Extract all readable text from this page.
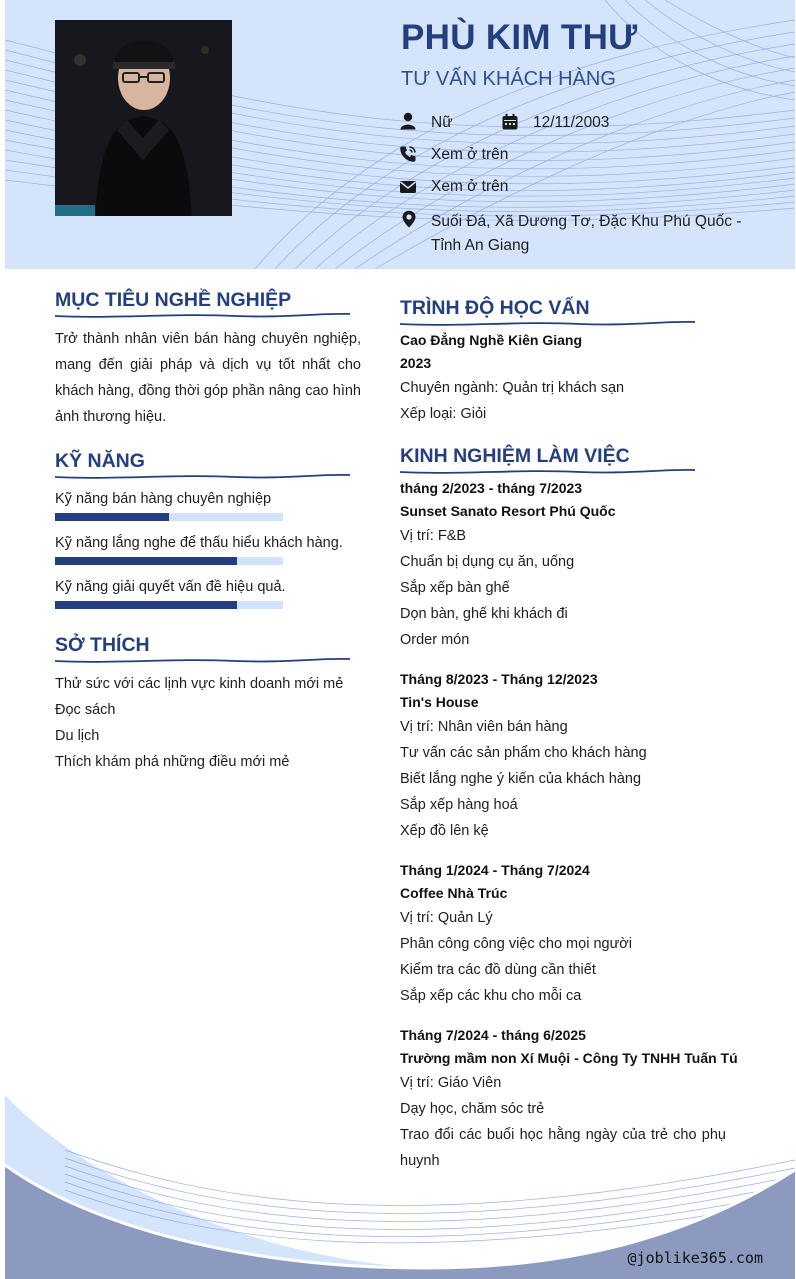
PHÙ KIM THƯ
TƯ VẤN KHÁCH HÀNG
Nữ	12/11/2003
Xem ở trên
Xem ở trên
Suối Đá, Xã Dương Tơ, Đặc Khu Phú Quốc - Tỉnh An Giang
MỤC TIÊU NGHỀ NGHIỆP
Trở thành nhân viên bán hàng chuyên nghiệp, mang đến giải pháp và dịch vụ tốt nhất cho khách hàng, đồng thời góp phần nâng cao hình ảnh thương hiệu.
KỸ NĂNG
Kỹ năng bán hàng chuyên nghiệp
Kỹ năng lắng nghe để thấu hiểu khách hàng.
Kỹ năng giải quyết vấn đề hiệu quả.
SỞ THÍCH
Thử sức với các lịnh vực kinh doanh mới mẻ
Đọc sách
Du lịch
Thích khám phá những điều mới mẻ
TRÌNH ĐỘ HỌC VẤN
Cao Đẳng Nghề Kiên Giang
2023
Chuyên ngành: Quản trị khách sạn
Xếp loại: Giỏi
KINH NGHIỆM LÀM VIỆC
tháng 2/2023 - tháng 7/2023
Sunset Sanato Resort Phú Quốc
Vị trí: F&B
Chuẩn bị dụng cụ ăn, uống
Sắp xếp bàn ghế
Dọn bàn, ghế khi khách đi
Order món
Tháng 8/2023 - Tháng 12/2023
Tin's House
Vị trí: Nhân viên bán hàng
Tư vấn các sản phẩm cho khách hàng
Biết lắng nghe ý kiến của khách hàng
Sắp xếp hàng hoá
Xếp đồ lên kệ
Tháng 1/2024 - Tháng 7/2024
Coffee Nhà Trúc
Vị trí: Quản Lý
Phân công công việc cho mọi người
Kiểm tra các đồ dùng cần thiết
Sắp xếp các khu cho mỗi ca
Tháng 7/2024 - tháng 6/2025
Trường mầm non Xí Muội - Công Ty TNHH Tuấn Tú
Vị trí: Giáo Viên
Dạy học, chăm sóc trẻ
Trao đổi các buổi học hằng ngày của trẻ cho phụ huynh
@joblike365.com
